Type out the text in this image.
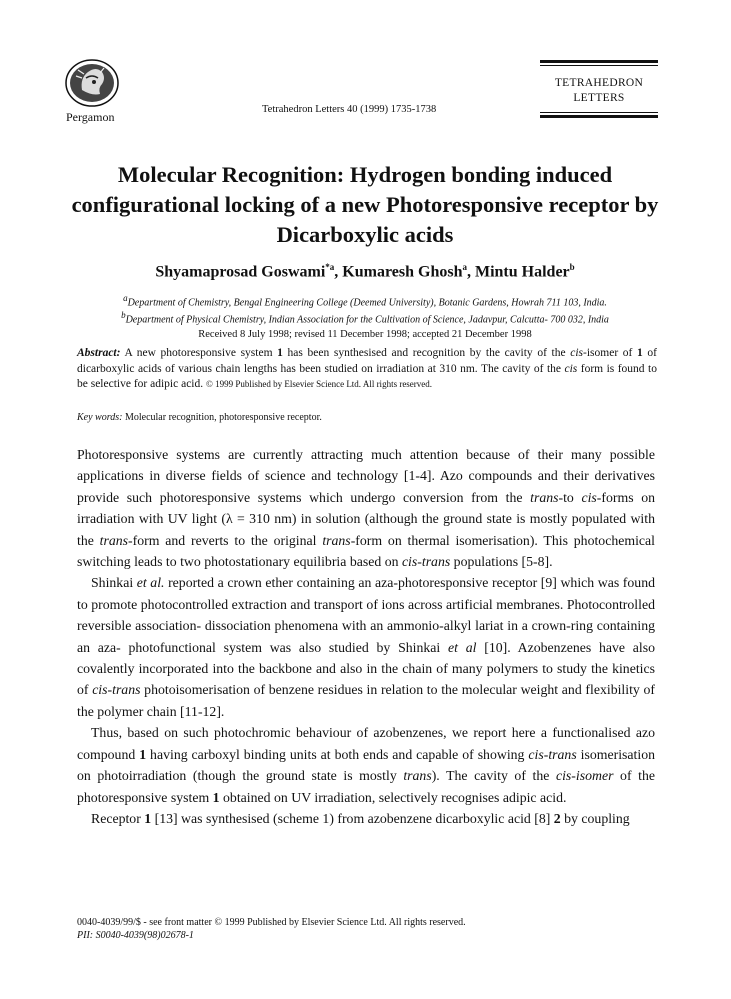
Pergamon
Tetrahedron Letters 40 (1999) 1735-1738
TETRAHEDRON
LETTERS
Molecular Recognition: Hydrogen bonding induced configurational locking of a new Photoresponsive receptor by Dicarboxylic acids
Shyamaprosad Goswami$^{*a}$, Kumaresh Ghosh$^a$, Mintu Halder$^b$
$^a$Department of Chemistry, Bengal Engineering College (Deemed University), Botanic Gardens, Howrah 711 103, India.
$^b$Department of Physical Chemistry, Indian Association for the Cultivation of Science, Jadavpur, Calcutta- 700 032, India
Received 8 July 1998; revised 11 December 1998; accepted 21 December 1998
Abstract: A new photoresponsive system 1 has been synthesised and recognition by the cavity of the cis-isomer of 1 of dicarboxylic acids of various chain lengths has been studied on irradiation at 310 nm. The cavity of the cis form is found to be selective for adipic acid. © 1999 Published by Elsevier Science Ltd. All rights reserved.
Key words: Molecular recognition, photoresponsive receptor.

Photoresponsive systems are currently attracting much attention because of their many possible applications in diverse fields of science and technology [1-4]. Azo compounds and their derivatives provide such photoresponsive systems which undergo conversion from the trans-to cis-forms on irradiation with UV light (λ = 310 nm) in solution (although the ground state is mostly populated with the trans-form and reverts to the original trans-form on thermal isomerisation). This photochemical switching leads to two photostationary equilibria based on cis-trans populations [5-8].

Shinkai et al. reported a crown ether containing an aza-photoresponsive receptor [9] which was found to promote photocontrolled extraction and transport of ions across artificial membranes. Photocontrolled reversible association- dissociation phenomena with an ammonio-alkyl lariat in a crown-ring containing an aza- photofunctional system was also studied by Shinkai et al [10]. Azobenzenes have also covalently incorporated into the backbone and also in the chain of many polymers to study the kinetics of cis-trans photoisomerisation of benzene residues in relation to the molecular weight and flexibility of the polymer chain [11-12].

Thus, based on such photochromic behaviour of azobenzenes, we report here a functionalised azo compound 1 having carboxyl binding units at both ends and capable of showing cis-trans isomerisation on photoirradiation (though the ground state is mostly trans). The cavity of the cis-isomer of the photoresponsive system 1 obtained on UV irradiation, selectively recognises adipic acid.

Receptor 1 [13] was synthesised (scheme 1) from azobenzene dicarboxylic acid [8] 2 by coupling

0040-4039/99/$ - see front matter © 1999 Published by Elsevier Science Ltd. All rights reserved.
PII: S0040-4039(98)02678-1
